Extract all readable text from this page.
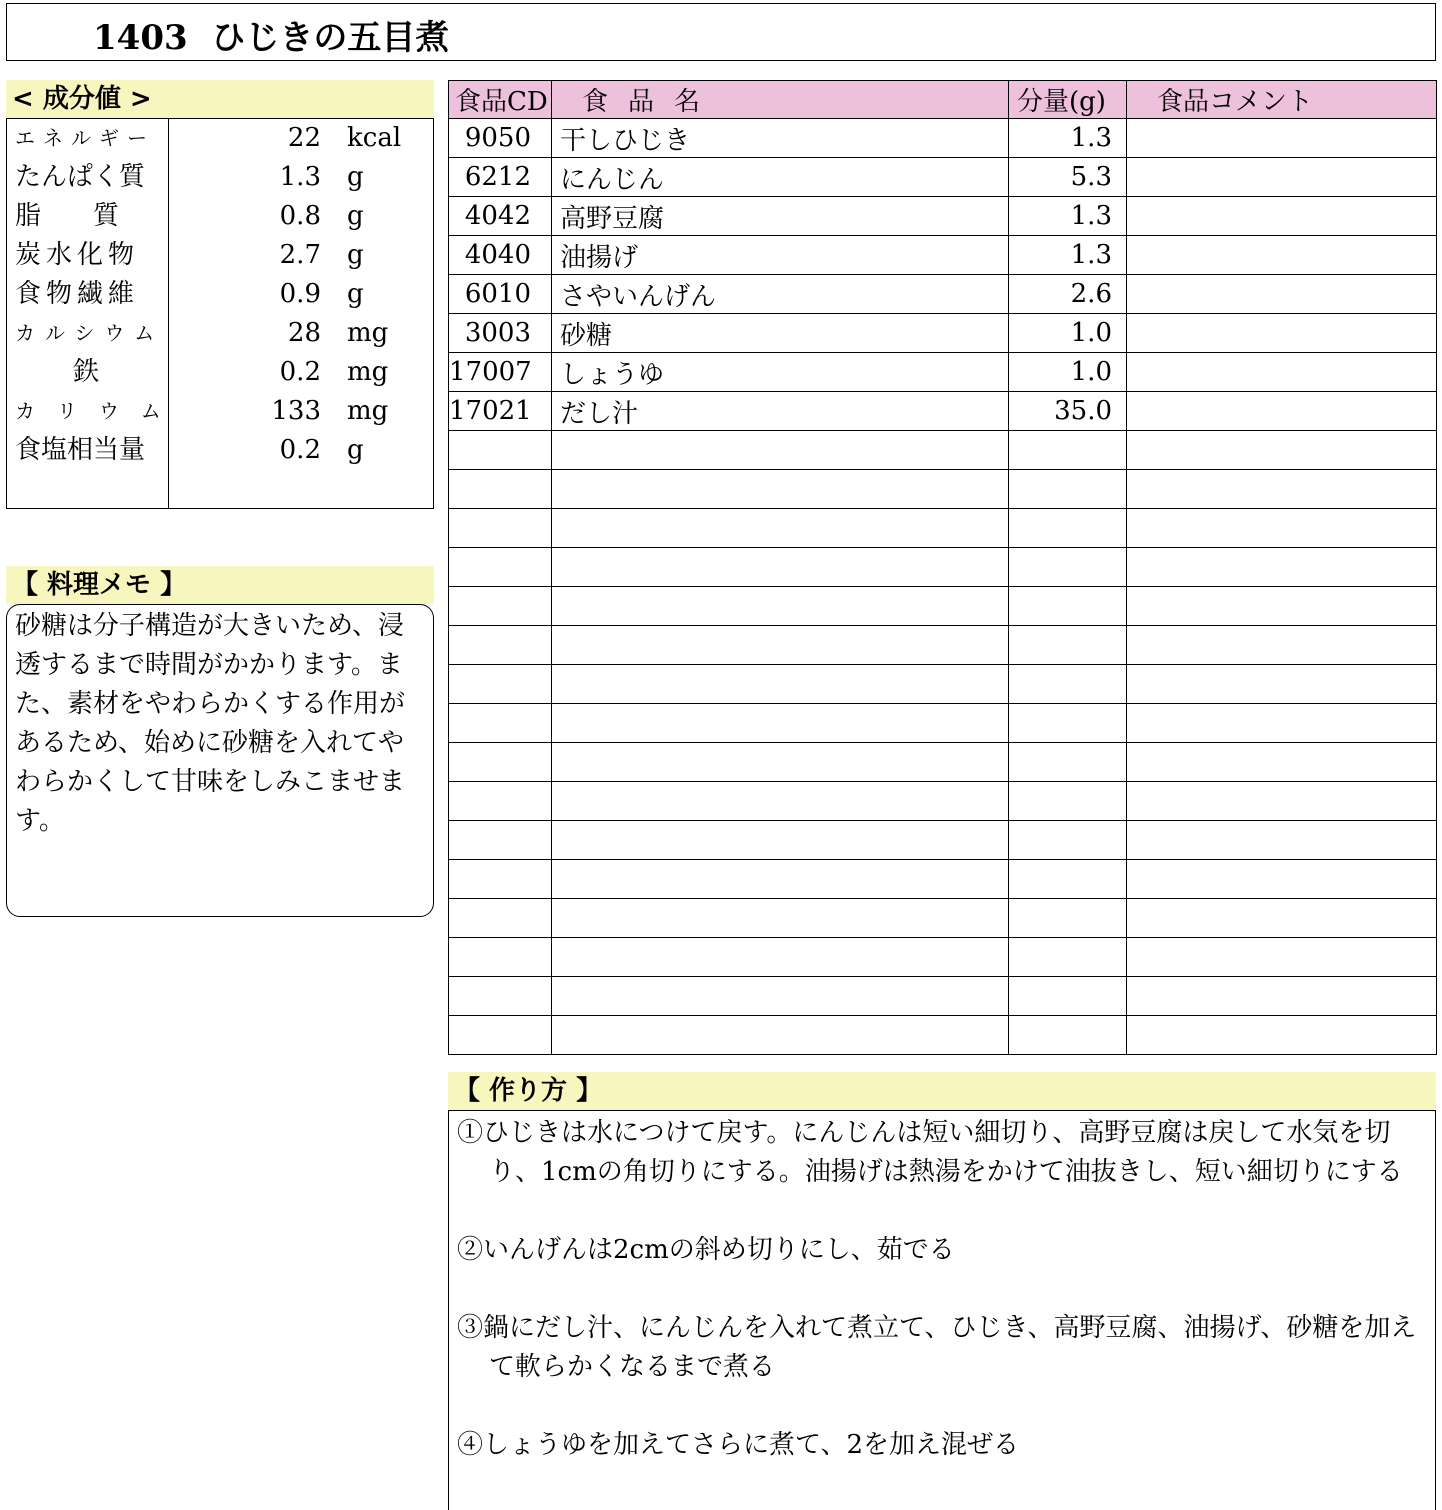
1403 ひじきの五目煮
< 成分値 >
エネルギー	22 kcal
たんぱく質	1.3 g
脂　　質	0.8 g
炭水化物	2.7 g
食物繊維	0.9 g
カルシウム	28 mg
鉄	0.2 mg
カリウム	133 mg
食塩相当量	0.2 g
【 料理メモ 】
砂糖は分子構造が大きいため、浸透するまで時間がかかります。また、素材をやわらかくする作用があるため、始めに砂糖を入れてやわらかくして甘味をしみこませます。
食品CD	食品名	分量(g)	食品コメント
9050	干しひじき	1.3	
6212	にんじん	5.3	
4042	高野豆腐	1.3	
4040	油揚げ	1.3	
6010	さやいんげん	2.6	
3003	砂糖	1.0	
17007	しょうゆ	1.0	
17021	だし汁	35.0	

【 作り方 】
①ひじきは水につけて戻す。にんじんは短い細切り、高野豆腐は戻して水気を切り、1cmの角切りにする。油揚げは熱湯をかけて油抜きし、短い細切りにする
②いんげんは2cmの斜め切りにし、茹でる
③鍋にだし汁、にんじんを入れて煮立て、ひじき、高野豆腐、油揚げ、砂糖を加えて軟らかくなるまで煮る
④しょうゆを加えてさらに煮て、2を加え混ぜる
